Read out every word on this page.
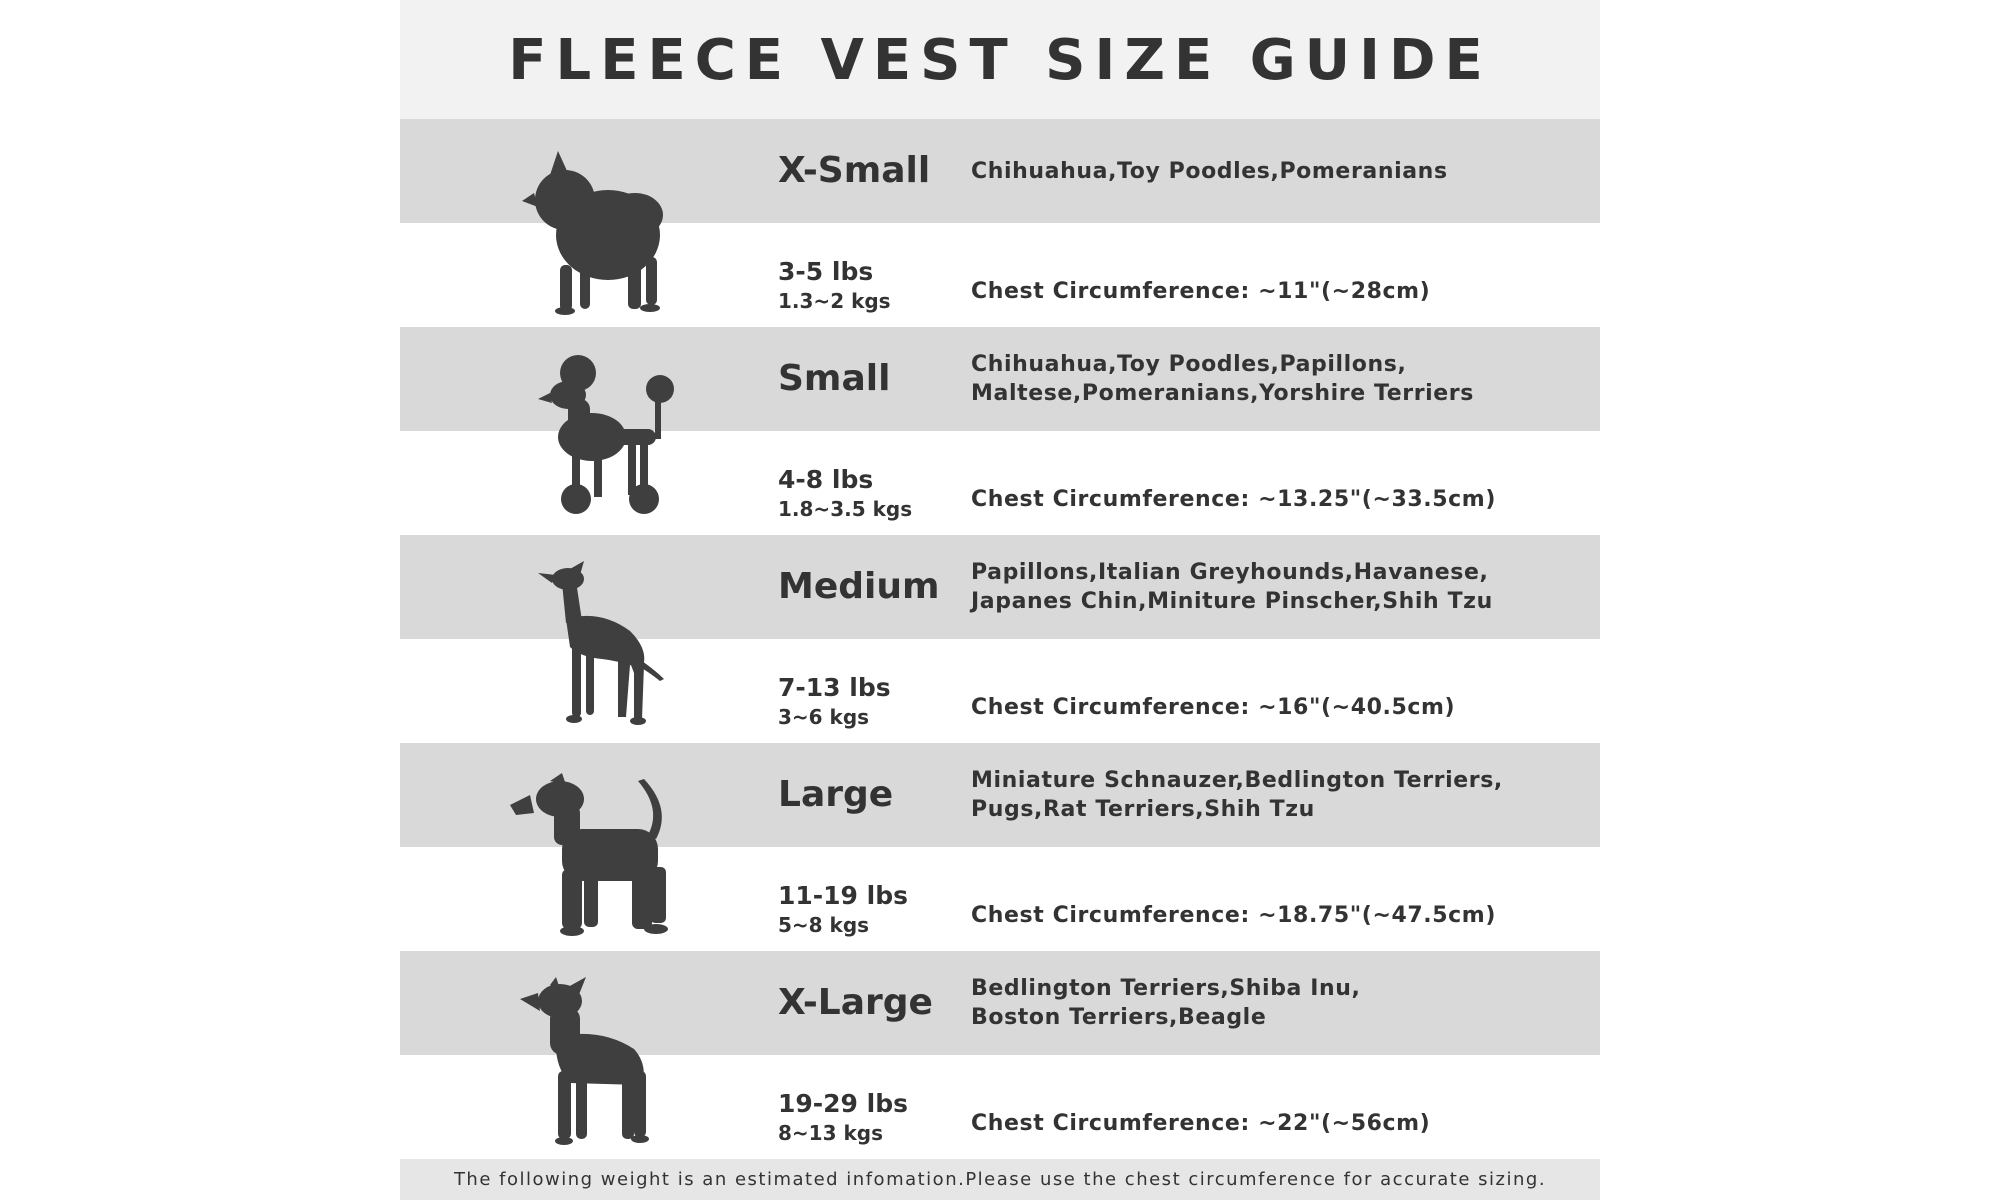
FLEECE VEST SIZE GUIDE
X-Small Chihuahua,Toy Poodles,Pomeranians
3-5 lbs
1.3~2 kgs	Chest Circumference: ~11"(~28cm)
Small	Chihuahua,Toy Poodles,Papillons,
Maltese,Pomeranians,Yorshire Terriers
4-8 lbs
1.8~3.5 kgs	Chest Circumference: ~13.25"(~33.5cm)
Medium Papillons,Italian Greyhounds,Havanese,
Japanes Chin,Miniture Pinscher,Shih Tzu
7-13 lbs
3~6 kgs	Chest Circumference: ~16"(~40.5cm)
Large	Miniature Schnauzer,Bedlington Terriers,
Pugs,Rat Terriers,Shih Tzu
11-19 lbs
5~8 kgs	Chest Circumference: ~18.75"(~47.5cm)
X-Large Bedlington Terriers,Shiba Inu,
Boston Terriers,Beagle
19-29 lbs
8~13 kgs	Chest Circumference: ~22"(~56cm)
The following weight is an estimated infomation.Please use the chest circumference for accurate sizing.
